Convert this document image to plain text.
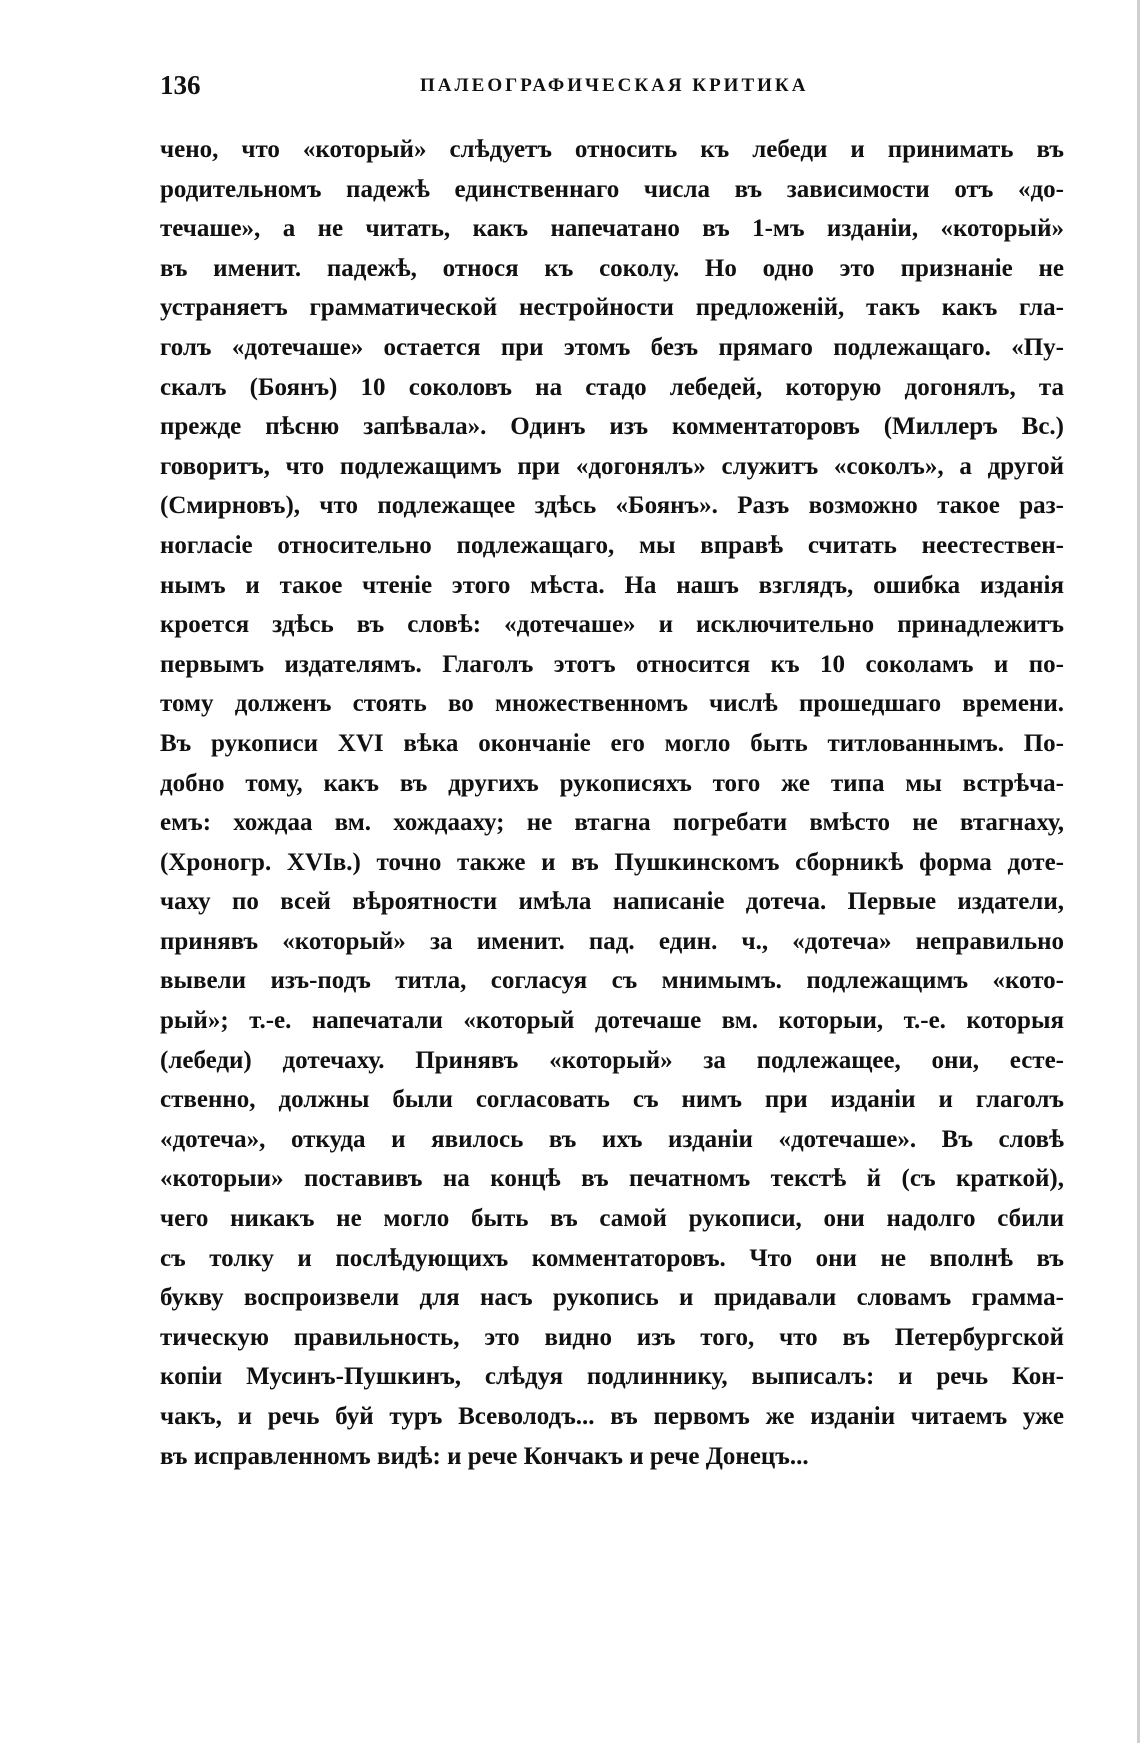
136	ПАЛЕОГРАФИЧЕСКАЯ КРИТИКА
чено, что «который» слѣдуетъ относить къ лебеди и принимать въ
родительномъ падежѣ единственнаго числа въ зависимости отъ «до-
течаше», а не читать, какъ напечатано въ 1-мъ изданіи, «который»
въ именит. падежѣ, относя къ соколу. Но одно это признаніе не
устраняетъ грамматической нестройности предложеній, такъ какъ гла-
голъ «дотечаше» остается при этомъ безъ прямаго подлежащаго. «Пу-
скалъ (Боянъ) 10 соколовъ на стадо лебедей, которую догонялъ, та
прежде пѣсню запѣвала». Одинъ изъ комментаторовъ (Миллеръ Вс.)
говоритъ, что подлежащимъ при «догонялъ» служитъ «соколъ», а другой
(Смирновъ), что подлежащее здѣсь «Боянъ». Разъ возможно такое раз-
ногласіе относительно подлежащаго, мы вправѣ считать неестествен-
нымъ и такое чтеніе этого мѣста. На нашъ взглядъ, ошибка изданія
кроется здѣсь въ словѣ: «дотечаше» и исключительно принадлежитъ
первымъ издателямъ. Глаголъ этотъ относится къ 10 соколамъ и по-
тому долженъ стоять во множественномъ числѣ прошедшаго времени.
Въ рукописи XVI вѣка окончаніе его могло быть титлованнымъ. По-
добно тому, какъ въ другихъ рукописяхъ того же типа мы встрѣча-
емъ: хождаа вм. хождааху; не втагна погребати вмѣсто не втагнаху,
(Хроногр. XVIв.) точно также и въ Пушкинскомъ сборникѣ форма доте-
чаху по всей вѣроятности имѣла написаніе дотеча. Первые издатели,
принявъ «который» за именит. пад. един. ч., «дотеча» неправильно
вывели изъ-подъ титла, согласуя съ мнимымъ. подлежащимъ «кото-
рый»; т.-е. напечатали «который дотечаше вм. которыи, т.-е. которыя
(лебеди) дотечаху. Принявъ «который» за подлежащее, они, есте-
ственно, должны были согласовать съ нимъ при изданіи и глаголъ
«дотеча», откуда и явилось въ ихъ изданіи «дотечаше». Въ словѣ
«которыи» поставивъ на концѣ въ печатномъ текстѣ й (съ краткой),
чего никакъ не могло быть въ самой рукописи, они надолго сбили
съ толку и послѣдующихъ комментаторовъ. Что они не вполнѣ въ
букву воспроизвели для насъ рукопись и придавали словамъ грамма-
тическую правильность, это видно изъ того, что въ Петербургской
копіи Мусинъ-Пушкинъ, слѣдуя подлиннику, выписалъ: и речь Кон-
чакъ, и речь буй туръ Всеволодъ... въ первомъ же изданіи читаемъ уже
въ исправленномъ видѣ: и рече Кончакъ и рече Донецъ...
